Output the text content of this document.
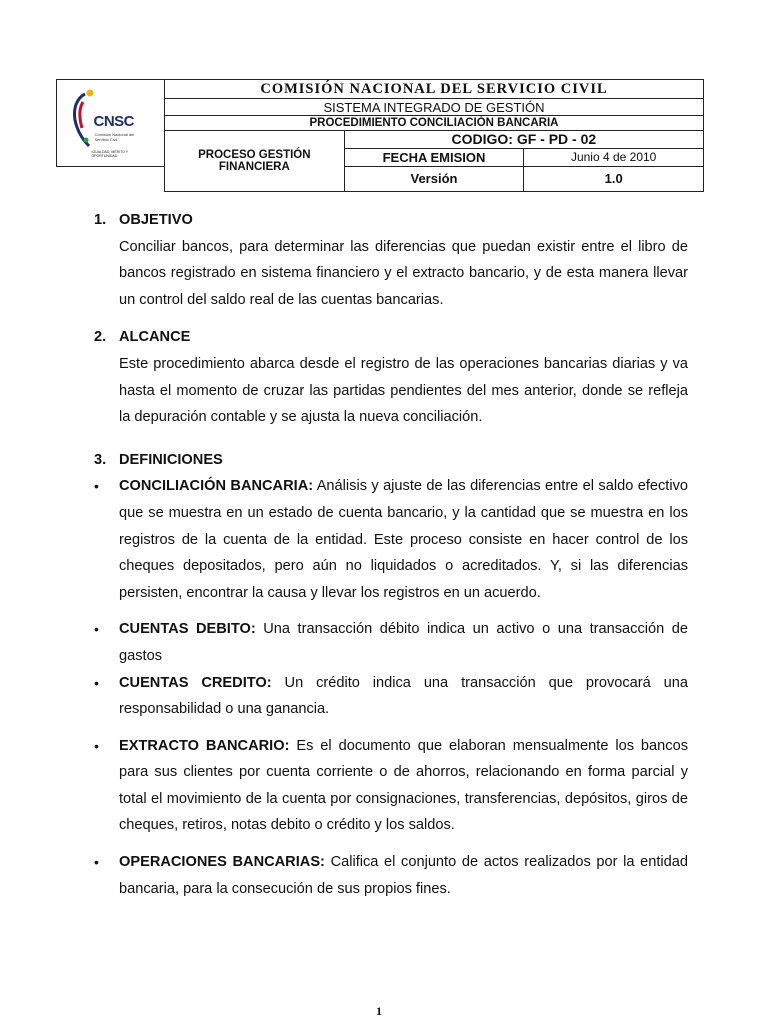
CNSC
Comisión Nacional del Servicio Civil
IGUALDAD, MÉRITO Y OPORTUNIDAD	COMISIÓN NACIONAL DEL SERVICIO CIVIL		
	SISTEMA INTEGRADO DE GESTIÓN		
	PROCEDIMIENTO CONCILIACIÓN BANCARIA		
	PROCESO GESTIÓN FINANCIERA	CODIGO: GF - PD - 02	
		FECHA EMISION	Junio 4 de 2010
		Versión	1.0
1. OBJETIVO

Conciliar bancos, para determinar las diferencias que puedan existir entre el libro de bancos registrado en sistema financiero y el extracto bancario, y de esta manera llevar un control del saldo real de las cuentas bancarias.

2. ALCANCE

Este procedimiento abarca desde el registro de las operaciones bancarias diarias y va hasta el momento de cruzar las partidas pendientes del mes anterior, donde se refleja la depuración contable y se ajusta la nueva conciliación.

3. DEFINICIONES
•	CONCILIACIÓN BANCARIA: Análisis y ajuste de las diferencias entre el saldo efectivo que se muestra en un estado de cuenta bancario, y la cantidad que se muestra en los registros de la cuenta de la entidad. Este proceso consiste en hacer control de los cheques depositados, pero aún no liquidados o acreditados. Y, si las diferencias persisten, encontrar la causa y llevar los registros en un acuerdo.
•	CUENTAS DEBITO: Una transacción débito indica un activo o una transacción de gastos
•	CUENTAS CREDITO: Un crédito indica una transacción que provocará una responsabilidad o una ganancia.
•	EXTRACTO BANCARIO: Es el documento que elaboran mensualmente los bancos para sus clientes por cuenta corriente o de ahorros, relacionando en forma parcial y total el movimiento de la cuenta por consignaciones, transferencias, depósitos, giros de cheques, retiros, notas debito o crédito y los saldos.
•	OPERACIONES BANCARIAS: Califica el conjunto de actos realizados por la entidad bancaria, para la consecución de sus propios fines.
1
